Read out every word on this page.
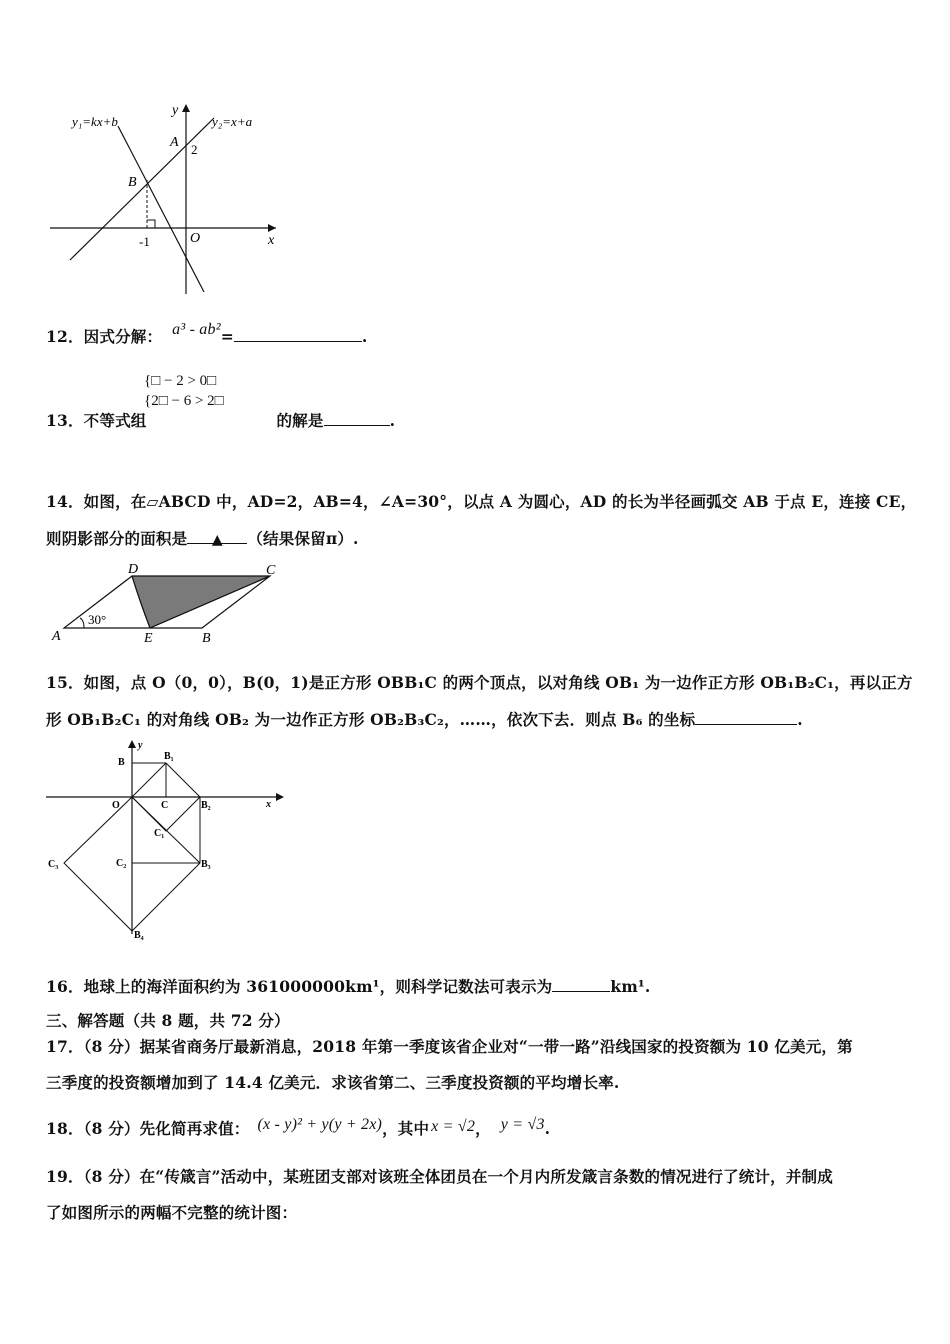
y₁=kx+b	y₂=x+a
y
x
A 2
B
O
-1
12．因式分解： a³ - ab²=	.
{□ − 2 > 0□
{2□ − 6 > 2□
13．不等式组	的解是	.
14．如图，在▱ABCD 中，AD=2，AB=4，∠A=30°，以点 A 为圆心，AD 的长为半径画弧交 AB 于点 E，连接 CE，
则阴影部分的面积是 ▲ （结果保留π）.
D	C
A	E	B
30°
15．如图，点 O（0，0），B(0，1)是正方形 OBB₁C 的两个顶点，以对角线 OB₁ 为一边作正方形 OB₁B₂C₁，再以正方
形 OB₁B₂C₁ 的对角线 OB₂ 为一边作正方形 OB₂B₃C₂，……，依次下去．则点 B₆ 的坐标	.
y
x
B
B₁
O	C	B₂
C₁
C₂	B₃
C₃
B₄
16．地球上的海洋面积约为 361000000km¹，则科学记数法可表示为	km¹.
三、解答题（共 8 题，共 72 分）
17．（8 分）据某省商务厅最新消息，2018 年第一季度该省企业对“一带一路”沿线国家的投资额为 10 亿美元，第
三季度的投资额增加到了 14.4 亿美元．求该省第二、三季度投资额的平均增长率.
18．（8 分）先化简再求值： (x - y)² + y(y + 2x)，其中 x = √2， y = √3.
19．（8 分）在“传箴言”活动中，某班团支部对该班全体团员在一个月内所发箴言条数的情况进行了统计，并制成
了如图所示的两幅不完整的统计图：
